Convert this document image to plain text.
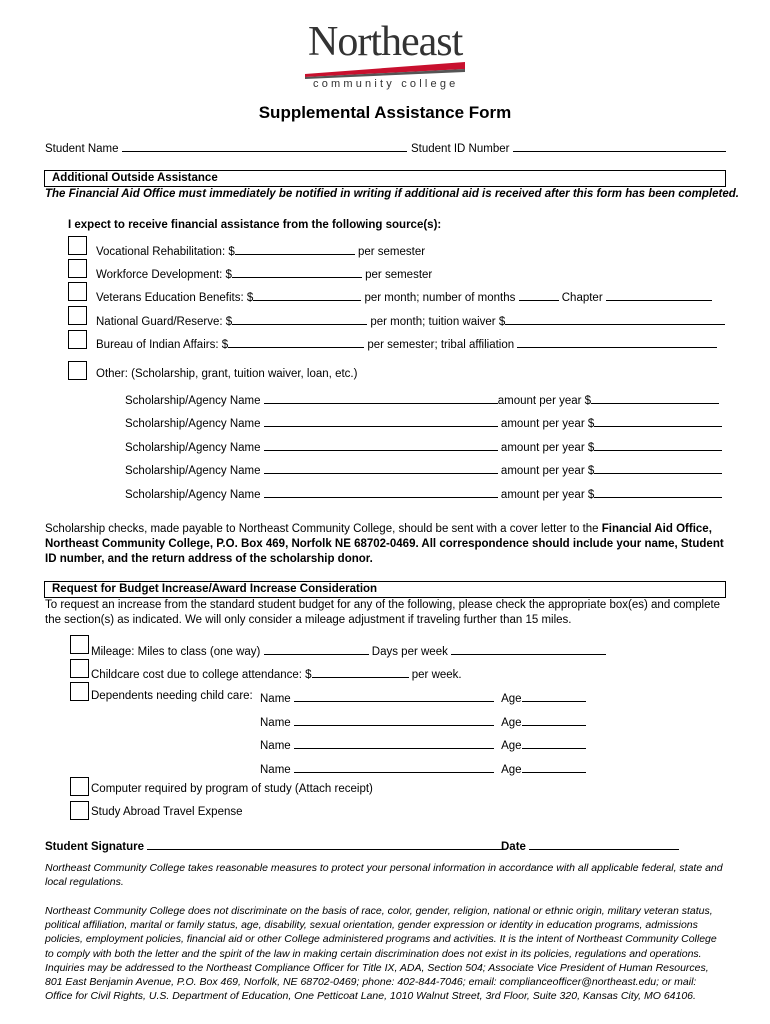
Northeast
community college
Supplemental Assistance Form
Student Name	Student ID Number
Additional Outside Assistance
The Financial Aid Office must immediately be notified in writing if additional aid is received after this form has been completed.
I expect to receive financial assistance from the following source(s):
Vocational Rehabilitation: $	per semester
Workforce Development: $	per semester
Veterans Education Benefits: $	per month; number of months	Chapter
National Guard/Reserve: $	per month; tuition waiver $
Bureau of Indian Affairs: $	per semester; tribal affiliation
Other: (Scholarship, grant, tuition waiver, loan, etc.)
Scholarship/Agency Name	amount per year $
Scholarship/Agency Name	amount per year $
Scholarship/Agency Name	amount per year $
Scholarship/Agency Name	amount per year $
Scholarship/Agency Name	amount per year $
Scholarship checks, made payable to Northeast Community College, should be sent with a cover letter to the Financial Aid Office, Northeast Community College, P.O. Box 469, Norfolk NE 68702-0469. All correspondence should include your name, Student ID number, and the return address of the scholarship donor.
Request for Budget Increase/Award Increase Consideration
To request an increase from the standard student budget for any of the following, please check the appropriate box(es) and complete the section(s) as indicated. We will only consider a mileage adjustment if traveling further than 15 miles.
Mileage: Miles to class (one way)	Days per week
Childcare cost due to college attendance: $	per week.
Dependents needing child care: Name	Age
Name	Age
Name	Age
Name	Age
Computer required by program of study (Attach receipt)
Study Abroad Travel Expense
Student Signature	Date
Northeast Community College takes reasonable measures to protect your personal information in accordance with all applicable federal, state and local regulations.
Northeast Community College does not discriminate on the basis of race, color, gender, religion, national or ethnic origin, military veteran status, political affiliation, marital or family status, age, disability, sexual orientation, gender expression or identity in education programs, admissions policies, employment policies, financial aid or other College administered programs and activities. It is the intent of Northeast Community College to comply with both the letter and the spirit of the law in making certain discrimination does not exist in its policies, regulations and operations. Inquiries may be addressed to the Northeast Compliance Officer for Title IX, ADA, Section 504; Associate Vice President of Human Resources, 801 East Benjamin Avenue, P.O. Box 469, Norfolk, NE 68702-0469; phone: 402-844-7046; email: complianceofficer@northeast.edu; or mail: Office for Civil Rights, U.S. Department of Education, One Petticoat Lane, 1010 Walnut Street, 3rd Floor, Suite 320, Kansas City, MO 64106.
